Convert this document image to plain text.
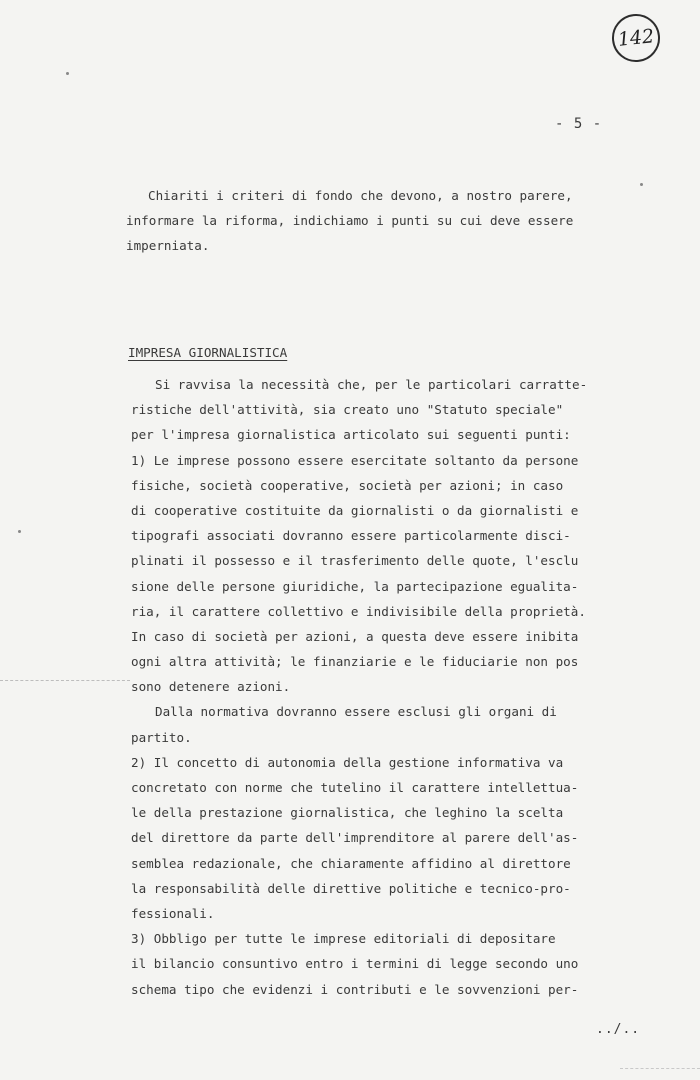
142
- 5 -

Chiariti i criteri di fondo che devono, a nostro parere,
informare la riforma, indichiamo i punti su cui deve essere
imperniata.

IMPRESA GIORNALISTICA
Si ravvisa la necessità che, per le particolari carratte-
ristiche dell'attività, sia creato uno "Statuto speciale"
per l'impresa giornalistica articolato sui seguenti punti:
1) Le imprese possono essere esercitate soltanto da persone
fisiche, società cooperative, società per azioni; in caso
di cooperative costituite da giornalisti o da giornalisti e
tipografi associati dovranno essere particolarmente disci-
plinati il possesso e il trasferimento delle quote, l'esclu
sione delle persone giuridiche, la partecipazione egualita-
ria, il carattere collettivo e indivisibile della proprietà.
In caso di società per azioni, a questa deve essere inibita
ogni altra attività; le finanziarie e le fiduciarie non pos
sono detenere azioni.
Dalla normativa dovranno essere esclusi gli organi di
partito.
2) Il concetto di autonomia della gestione informativa va
concretato con norme che tutelino il carattere intellettua-
le della prestazione giornalistica, che leghino la scelta
del direttore da parte dell'imprenditore al parere dell'as-
semblea redazionale, che chiaramente affidino al direttore
la responsabilità delle direttive politiche e tecnico-pro-
fessionali.
3) Obbligo per tutte le imprese editoriali di depositare
il bilancio consuntivo entro i termini di legge secondo uno
schema tipo che evidenzi i contributi e le sovvenzioni per-
../..
